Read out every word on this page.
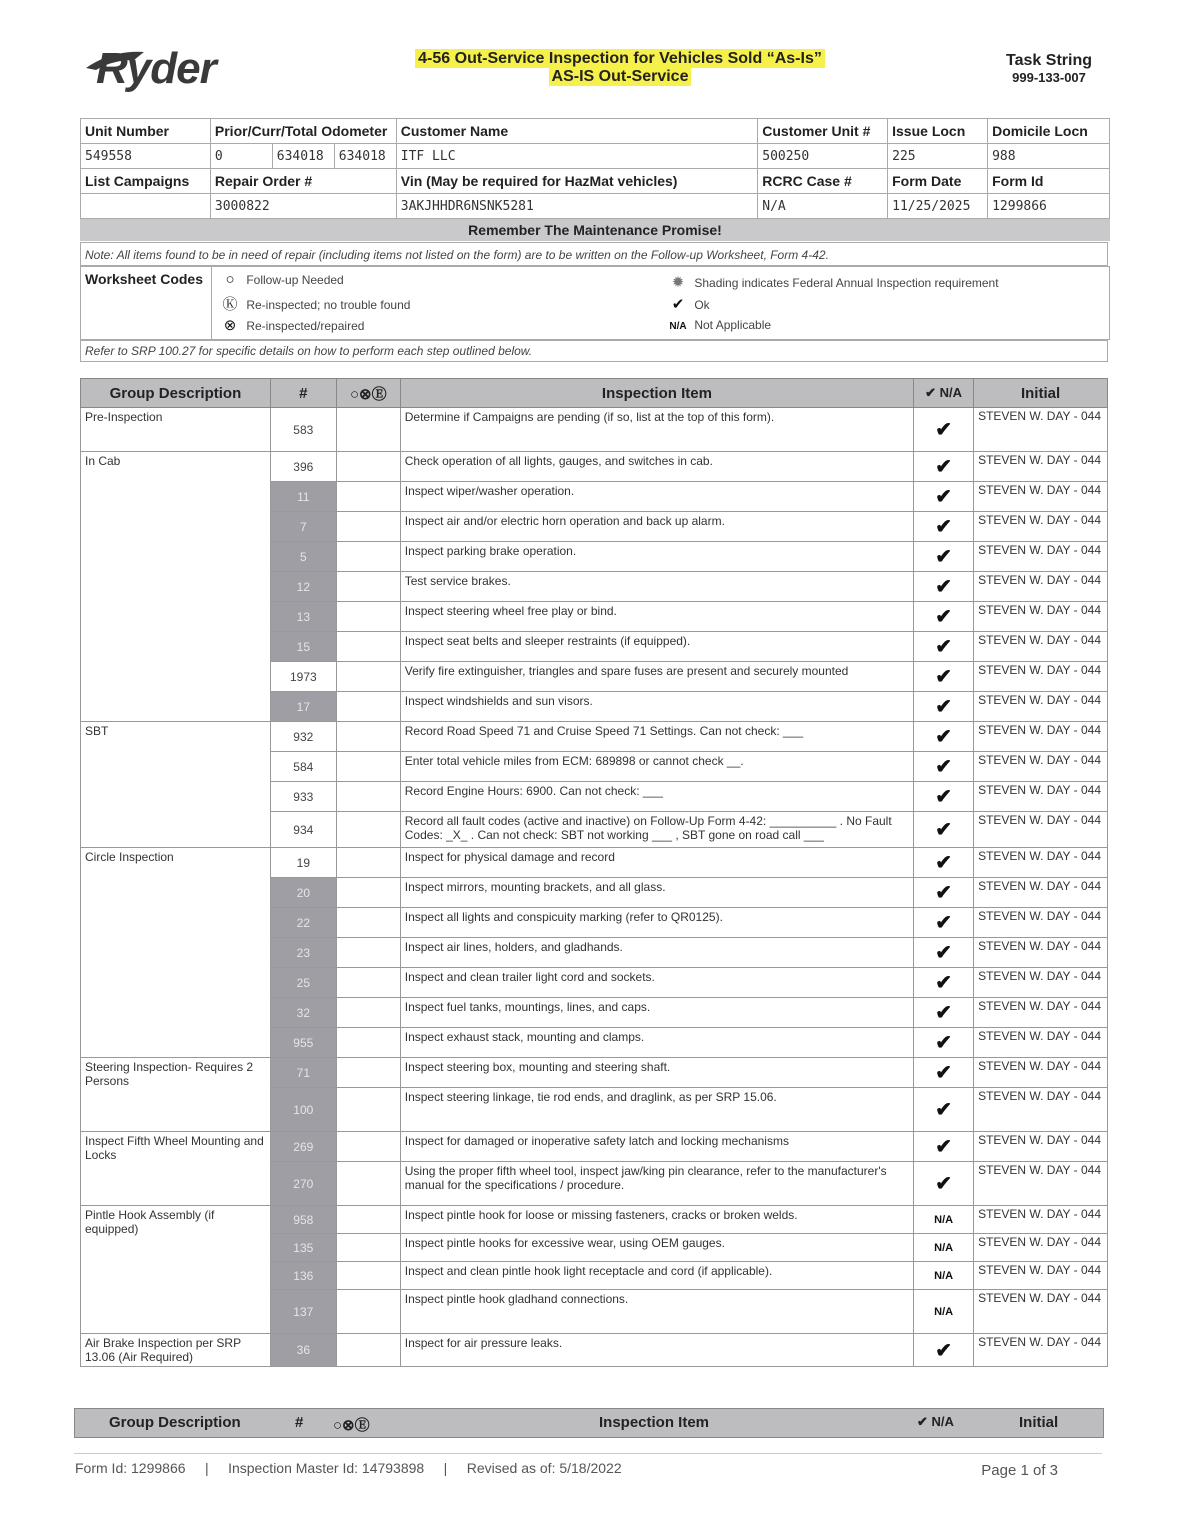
Ryder	4-56 Out-Service Inspection for Vehicles Sold “As-Is”
AS-IS Out-Service
Task String
999-133-007
Unit Number	Prior/Curr/Total Odometer			Customer Name	Customer Unit #	Issue Locn	Domicile Locn
549558	0	634018	634018	ITF LLC	500250	225	988
List Campaigns	Repair Order #			Vin (May be required for HazMat vehicles)	RCRC Case #	Form Date	Form Id
	3000822			3AKJHHDR6NSNK5281	N/A	11/25/2025	1299866
Remember The Maintenance Promise!
Note: All items found to be in need of repair (including items not listed on the form) are to be written on the Follow-up Worksheet, Form 4-42.
Worksheet Codes	○ Follow-up Needed
Ⓚ Re-inspected; no trouble found
⊗ Re-inspected/repaired
✹ Shading indicates Federal Annual Inspection requirement
✔ Ok
N/A Not Applicable
Refer to SRP 100.27 for specific details on how to perform each step outlined below.
Group Description	#	○⊗Ⓔ	Inspection Item	✔ N/A	Initial
Pre-Inspection	583		Determine if Campaigns are pending (if so, list at the top of this form).	✔	STEVEN W. DAY - 044
In Cab	396		Check operation of all lights, gauges, and switches in cab.	✔	STEVEN W. DAY - 044
	11		Inspect wiper/washer operation.	✔	STEVEN W. DAY - 044
	7		Inspect air and/or electric horn operation and back up alarm.	✔	STEVEN W. DAY - 044
	5		Inspect parking brake operation.	✔	STEVEN W. DAY - 044
	12		Test service brakes.	✔	STEVEN W. DAY - 044
	13		Inspect steering wheel free play or bind.	✔	STEVEN W. DAY - 044
	15		Inspect seat belts and sleeper restraints (if equipped).	✔	STEVEN W. DAY - 044
	1973		Verify fire extinguisher, triangles and spare fuses are present and securely mounted	✔	STEVEN W. DAY - 044
	17		Inspect windshields and sun visors.	✔	STEVEN W. DAY - 044
SBT	932		Record Road Speed 71 and Cruise Speed 71 Settings. Can not check: ___	✔	STEVEN W. DAY - 044
	584		Enter total vehicle miles from ECM: 689898 or cannot check __.	✔	STEVEN W. DAY - 044
	933		Record Engine Hours: 6900. Can not check: ___	✔	STEVEN W. DAY - 044
	934		Record all fault codes (active and inactive) on Follow-Up Form 4-42: __________ . No Fault Codes: _X_ . Can not check: SBT not working ___ , SBT gone on road call ___	✔	STEVEN W. DAY - 044
Circle Inspection	19		Inspect for physical damage and record	✔	STEVEN W. DAY - 044
	20		Inspect mirrors, mounting brackets, and all glass.	✔	STEVEN W. DAY - 044
	22		Inspect all lights and conspicuity marking (refer to QR0125).	✔	STEVEN W. DAY - 044
	23		Inspect air lines, holders, and gladhands.	✔	STEVEN W. DAY - 044
	25		Inspect and clean trailer light cord and sockets.	✔	STEVEN W. DAY - 044
	32		Inspect fuel tanks, mountings, lines, and caps.	✔	STEVEN W. DAY - 044
	955		Inspect exhaust stack, mounting and clamps.	✔	STEVEN W. DAY - 044
Steering Inspection- Requires 2 Persons	71		Inspect steering box, mounting and steering shaft.	✔	STEVEN W. DAY - 044
	100		Inspect steering linkage, tie rod ends, and draglink, as per SRP 15.06.	✔	STEVEN W. DAY - 044
Inspect Fifth Wheel Mounting and Locks	269		Inspect for damaged or inoperative safety latch and locking mechanisms	✔	STEVEN W. DAY - 044
	270		Using the proper fifth wheel tool, inspect jaw/king pin clearance, refer to the manufacturer's manual for the specifications / procedure.	✔	STEVEN W. DAY - 044
Pintle Hook Assembly (if equipped)	958		Inspect pintle hook for loose or missing fasteners, cracks or broken welds.	N/A	STEVEN W. DAY - 044
	135		Inspect pintle hooks for excessive wear, using OEM gauges.	N/A	STEVEN W. DAY - 044
	136		Inspect and clean pintle hook light receptacle and cord (if applicable).	N/A	STEVEN W. DAY - 044
	137		Inspect pintle hook gladhand connections.	N/A	STEVEN W. DAY - 044
Air Brake Inspection per SRP 13.06 (Air Required)	36		Inspect for air pressure leaks.	✔	STEVEN W. DAY - 044
Group Description	# ○⊗Ⓔ	Inspection Item	✔ N/A	Initial
Form Id: 1299866 | Inspection Master Id: 14793898 | Revised as of: 5/18/2022	Page 1 of 3
